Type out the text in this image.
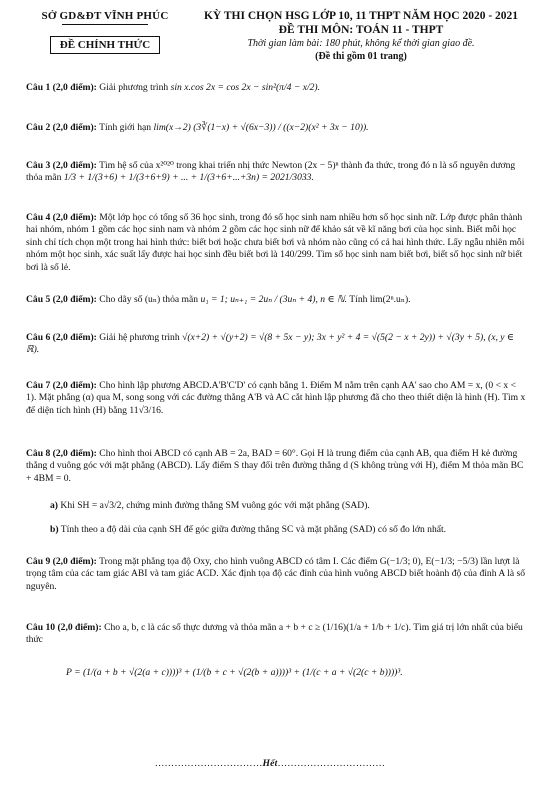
SỞ GD&ĐT VĨNH PHÚC
ĐỀ CHÍNH THỨC
KỲ THI CHỌN HSG LỚP 10, 11 THPT NĂM HỌC 2020 - 2021
ĐỀ THI MÔN: TOÁN 11 - THPT
Thời gian làm bài: 180 phút, không kể thời gian giao đề.
(Đề thi gồm 01 trang)
Câu 1 (2,0 điểm): Giải phương trình sin x.cos 2x = cos 2x − sin²(π/4 − x/2).
Câu 2 (2,0 điểm): Tính giới hạn lim(x→2) (3∛(1−x) + √(6x−3)) / ((x−2)(x² + 3x − 10)).
Câu 3 (2,0 điểm): Tìm hệ số của x²⁰²⁰ trong khai triển nhị thức Newton (2x − 5)ⁿ thành đa thức, trong đó n là số nguyên dương thỏa mãn 1/3 + 1/(3+6) + 1/(3+6+9) + ... + 1/(3+6+...+3n) = 2021/3033.
Câu 4 (2,0 điểm): Một lớp học có tổng số 36 học sinh, trong đó số học sinh nam nhiều hơn số học sinh nữ. Lớp được phân thành hai nhóm, nhóm 1 gồm các học sinh nam và nhóm 2 gồm các học sinh nữ để khảo sát về kĩ năng bơi của học sinh. Biết mỗi học sinh chỉ tích chọn một trong hai hình thức: biết bơi hoặc chưa biết bơi và nhóm nào cũng có cả hai hình thức. Lấy ngẫu nhiên mỗi nhóm một học sinh, xác suất lấy được hai học sinh đều biết bơi là 140/299. Tìm số học sinh nam biết bơi, biết số học sinh nữ biết bơi là số lẻ.
Câu 5 (2,0 điểm): Cho dãy số (uₙ) thỏa mãn u₁ = 1; uₙ₊₁ = 2uₙ / (3uₙ + 4), n ∈ ℕ. Tính lim(2ⁿ.uₙ).
Câu 6 (2,0 điểm): Giải hệ phương trình √(x+2) + √(y+2) = √(8 + 5x − y); 3x + y² + 4 = √(5(2 − x + 2y)) + √(3y + 5), (x, y ∈ ℝ).
Câu 7 (2,0 điểm): Cho hình lập phương ABCD.A'B'C'D' có cạnh bằng 1. Điểm M nằm trên cạnh AA' sao cho AM = x, (0 < x < 1). Mặt phẳng (α) qua M, song song với các đường thẳng A'B và AC cắt hình lập phương đã cho theo thiết diện là hình (H). Tìm x để diện tích hình (H) bằng 11√3/16.
Câu 8 (2,0 điểm): Cho hình thoi ABCD có cạnh AB = 2a, BAD = 60°. Gọi H là trung điểm của cạnh AB, qua điểm H kẻ đường thẳng d vuông góc với mặt phẳng (ABCD). Lấy điểm S thay đổi trên đường thẳng d (S không trùng với H), điểm M thỏa mãn BC + 4BM = 0.
a) Khi SH = a√3/2, chứng minh đường thẳng SM vuông góc với mặt phẳng (SAD).
b) Tính theo a độ dài của cạnh SH để góc giữa đường thẳng SC và mặt phẳng (SAD) có số đo lớn nhất.
Câu 9 (2,0 điểm): Trong mặt phẳng tọa độ Oxy, cho hình vuông ABCD có tâm I. Các điểm G(−1/3; 0), E(−1/3; −5/3) lần lượt là trọng tâm của các tam giác ABI và tam giác ACD. Xác định tọa độ các đỉnh của hình vuông ABCD biết hoành độ của đỉnh A là số nguyên.
Câu 10 (2,0 điểm): Cho a, b, c là các số thực dương và thỏa mãn a + b + c ≥ (1/16)(1/a + 1/b + 1/c). Tìm giá trị lớn nhất của biểu thức
P = (1/(a + b + √(2(a + c))))³ + (1/(b + c + √(2(b + a))))³ + (1/(c + a + √(2(c + b))))³.
……………………………Hết……………………………
